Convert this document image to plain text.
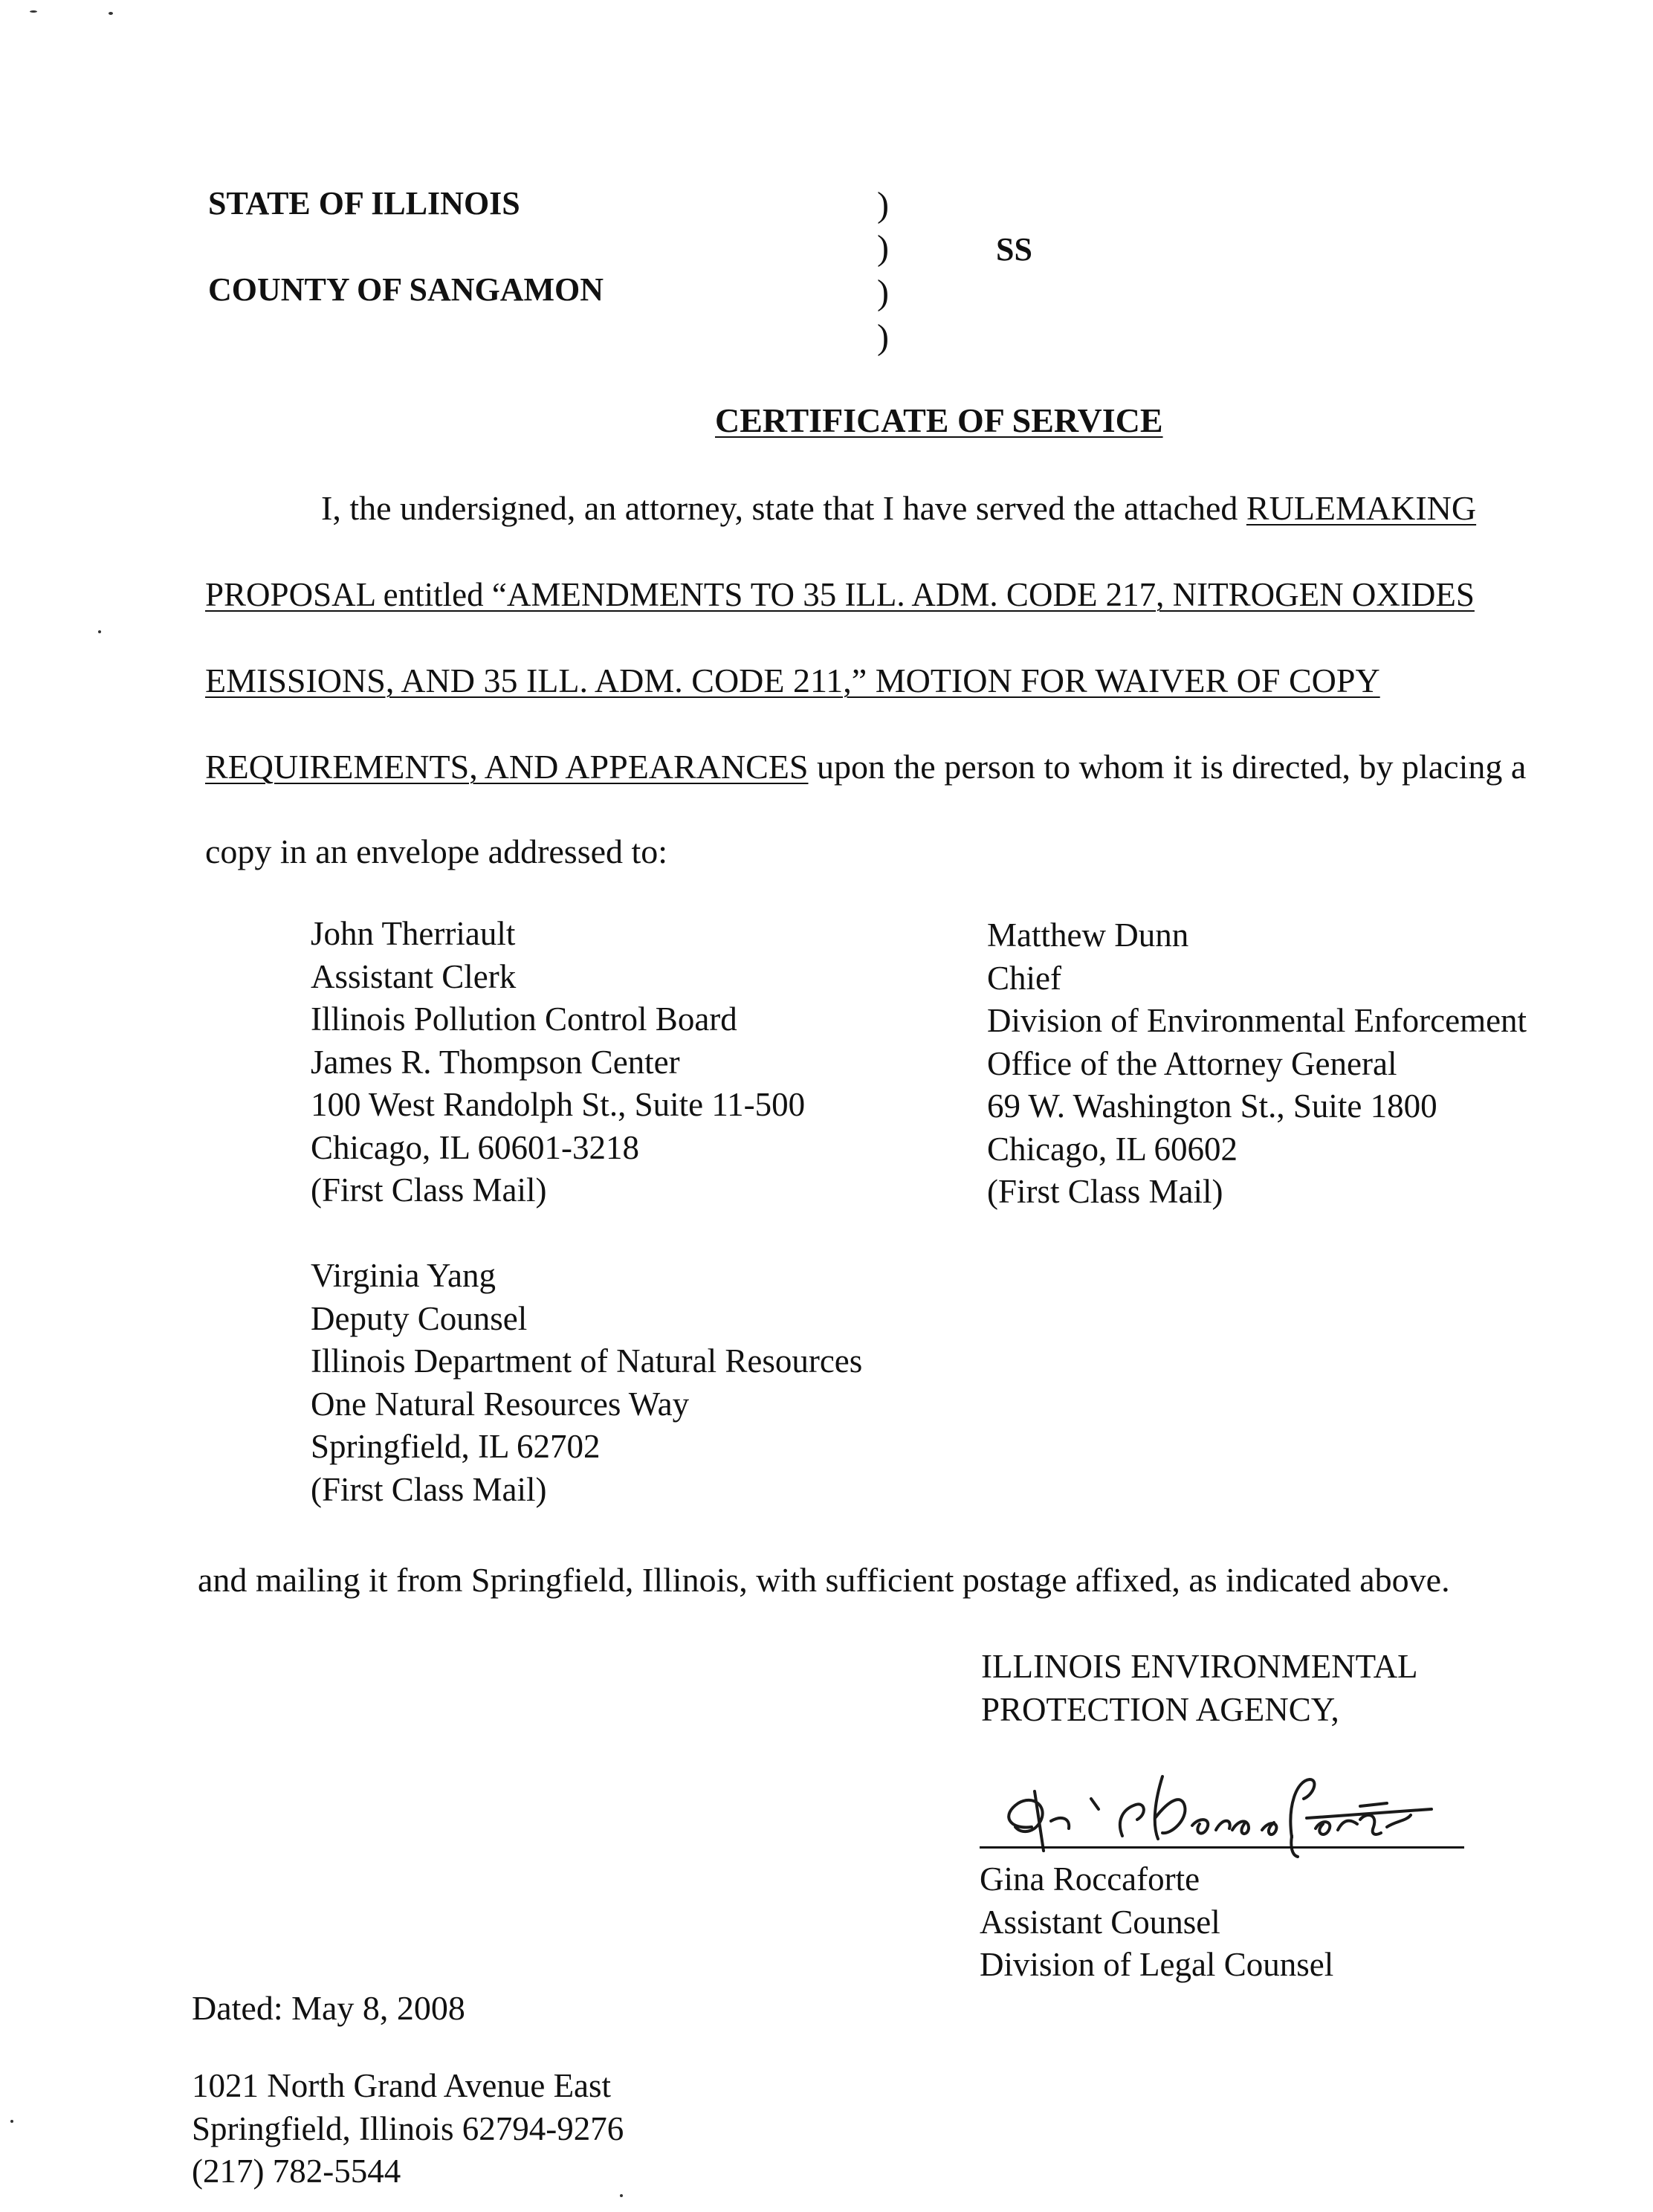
STATE OF ILLINOIS
COUNTY OF SANGAMON
)
)
)
)
SS
CERTIFICATE OF SERVICE
I, the undersigned, an attorney, state that I have served the attached RULEMAKING
PROPOSAL entitled “AMENDMENTS TO 35 ILL. ADM. CODE 217, NITROGEN OXIDES
EMISSIONS, AND 35 ILL. ADM. CODE 211,” MOTION FOR WAIVER OF COPY
REQUIREMENTS, AND APPEARANCES upon the person to whom it is directed, by placing a
copy in an envelope addressed to:
John Therriault
Assistant Clerk
Illinois Pollution Control Board
James R. Thompson Center
100 West Randolph St., Suite 11-500
Chicago, IL 60601-3218
(First Class Mail)
Matthew Dunn
Chief
Division of Environmental Enforcement
Office of the Attorney General
69 W. Washington St., Suite 1800
Chicago, IL 60602
(First Class Mail)
Virginia Yang
Deputy Counsel
Illinois Department of Natural Resources
One Natural Resources Way
Springfield, IL 62702
(First Class Mail)
and mailing it from Springfield, Illinois, with sufficient postage affixed, as indicated above.
ILLINOIS ENVIRONMENTAL
PROTECTION AGENCY,
Gina Roccaforte
Assistant Counsel
Division of Legal Counsel
Dated: May 8, 2008
1021 North Grand Avenue East
Springfield, Illinois 62794-9276
(217) 782-5544
